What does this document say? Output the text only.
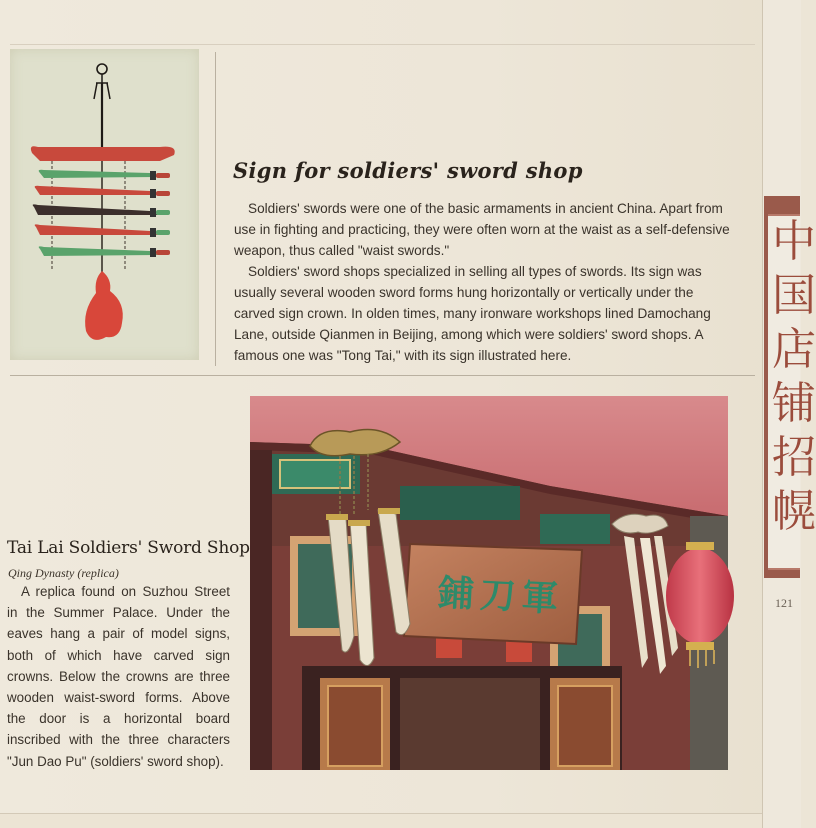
中
国
店
铺
招
幌
121
Sign for soldiers' sword shop

Soldiers' swords were one of the basic armaments in ancient China. Apart from use in fighting and practicing, they were often worn at the waist as a self-defensive weapon, thus called "waist swords."

Soldiers' sword shops specialized in selling all types of swords. Its sign was usually several wooden sword forms hung horizontally or vertically under the carved sign crown. In olden times, many ironware workshops lined Damochang Lane, outside Qianmen in Beijing, among which were soldiers' sword shops. A famous one was "Tong Tai," with its sign illustrated here.

鋪刀軍
Tai Lai Soldiers' Sword Shop
Qing Dynasty (replica)

A replica found on Suzhou Street in the Summer Palace. Under the eaves hang a pair of model signs, both of which have carved sign crowns. Below the crowns are three wooden waist-sword forms. Above the door is a horizontal board inscribed with the three characters "Jun Dao Pu" (soldiers' sword shop).
